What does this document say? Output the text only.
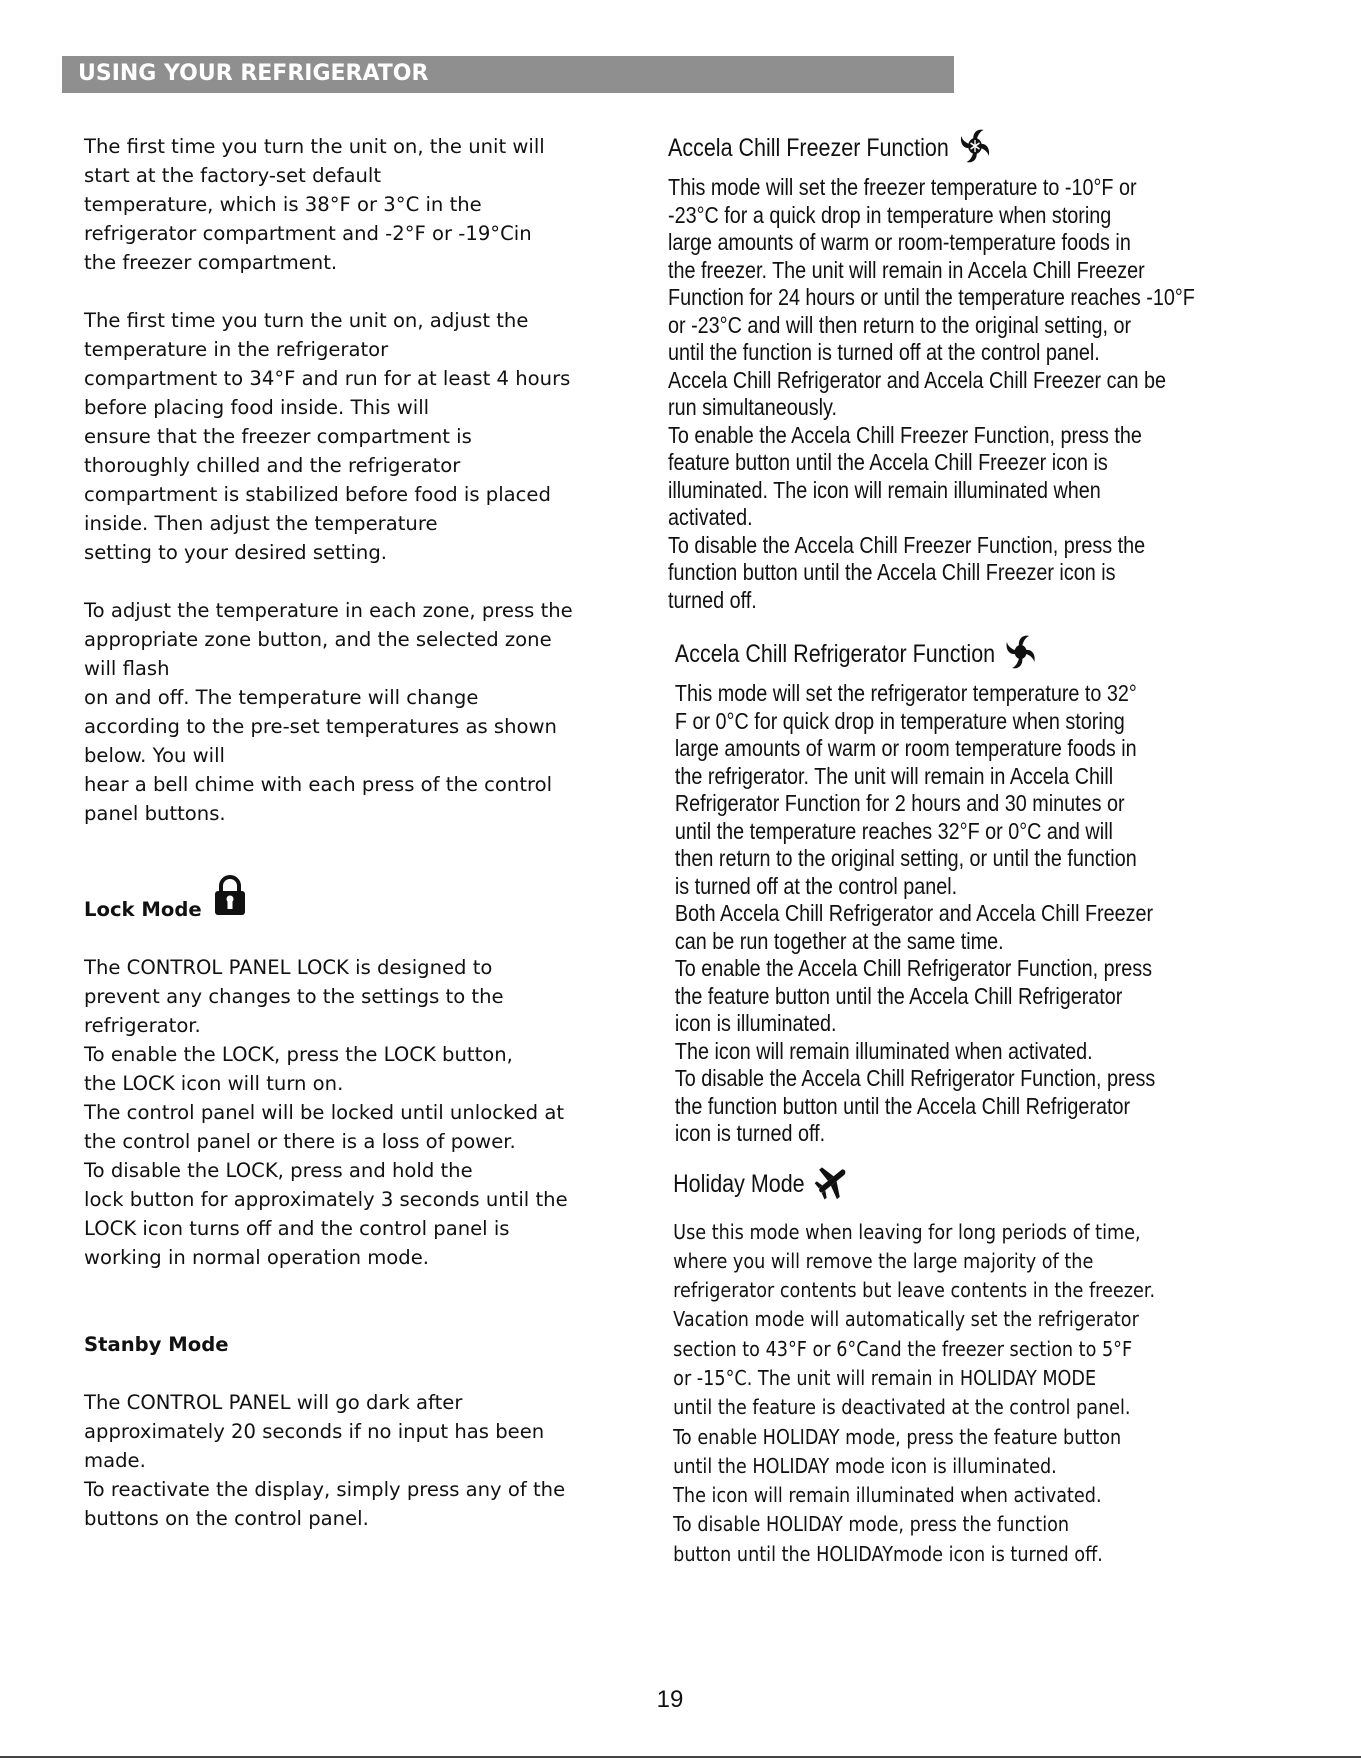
USING YOUR REFRIGERATOR

The first time you turn the unit on, the unit will
start at the factory-set default
temperature, which is 38°F or 3°C in the
refrigerator compartment and -2°F or -19°Cin
the freezer compartment.

The first time you turn the unit on, adjust the
temperature in the refrigerator
compartment to 34°F and run for at least 4 hours
before placing food inside. This will
ensure that the freezer compartment is
thoroughly chilled and the refrigerator
compartment is stabilized before food is placed
inside. Then adjust the temperature
setting to your desired setting.

To adjust the temperature in each zone, press the
appropriate zone button, and the selected zone
will flash
on and off. The temperature will change
according to the pre-set temperatures as shown
below. You will
hear a bell chime with each press of the control
panel buttons.

Lock Mode

The CONTROL PANEL LOCK is designed to
prevent any changes to the settings to the
refrigerator.
To enable the LOCK, press the LOCK button,
the LOCK icon will turn on.
The control panel will be locked until unlocked at
the control panel or there is a loss of power.
To disable the LOCK, press and hold the
lock button for approximately 3 seconds until the
LOCK icon turns off and the control panel is
working in normal operation mode.

Stanby Mode

The CONTROL PANEL will go dark after
approximately 20 seconds if no input has been
made.
To reactivate the display, simply press any of the
buttons on the control panel.

Accela Chill Freezer Function

This mode will set the freezer temperature to -10°F or
-23°C for a quick drop in temperature when storing
large amounts of warm or room-temperature foods in
the freezer. The unit will remain in Accela Chill Freezer
Function for 24 hours or until the temperature reaches -10°F
or -23°C and will then return to the original setting, or
until the function is turned off at the control panel.
Accela Chill Refrigerator and Accela Chill Freezer can be
run simultaneously.

To enable the Accela Chill Freezer Function, press the
feature button until the Accela Chill Freezer icon is
illuminated. The icon will remain illuminated when
activated.
To disable the Accela Chill Freezer Function, press the
function button until the Accela Chill Freezer icon is
turned off.

Accela Chill Refrigerator Function

This mode will set the refrigerator temperature to 32°
F or 0°C for quick drop in temperature when storing
large amounts of warm or room temperature foods in
the refrigerator. The unit will remain in Accela Chill
Refrigerator Function for 2 hours and 30 minutes or
until the temperature reaches 32°F or 0°C and will
then return to the original setting, or until the function
is turned off at the control panel.
Both Accela Chill Refrigerator and Accela Chill Freezer
can be run together at the same time.
To enable the Accela Chill Refrigerator Function, press
the feature button until the Accela Chill Refrigerator
icon is illuminated.
The icon will remain illuminated when activated.
To disable the Accela Chill Refrigerator Function, press
the function button until the Accela Chill Refrigerator
icon is turned off.

Holiday Mode

Use this mode when leaving for long periods of time,
where you will remove the large majority of the
refrigerator contents but leave contents in the freezer.
Vacation mode will automatically set the refrigerator
section to 43°F or 6°Cand the freezer section to 5°F
or -15°C. The unit will remain in HOLIDAY MODE
until the feature is deactivated at the control panel.
To enable HOLIDAY mode, press the feature button
until the HOLIDAY mode icon is illuminated.
The icon will remain illuminated when activated.
To disable HOLIDAY mode, press the function
button until the HOLIDAYmode icon is turned off.

19
